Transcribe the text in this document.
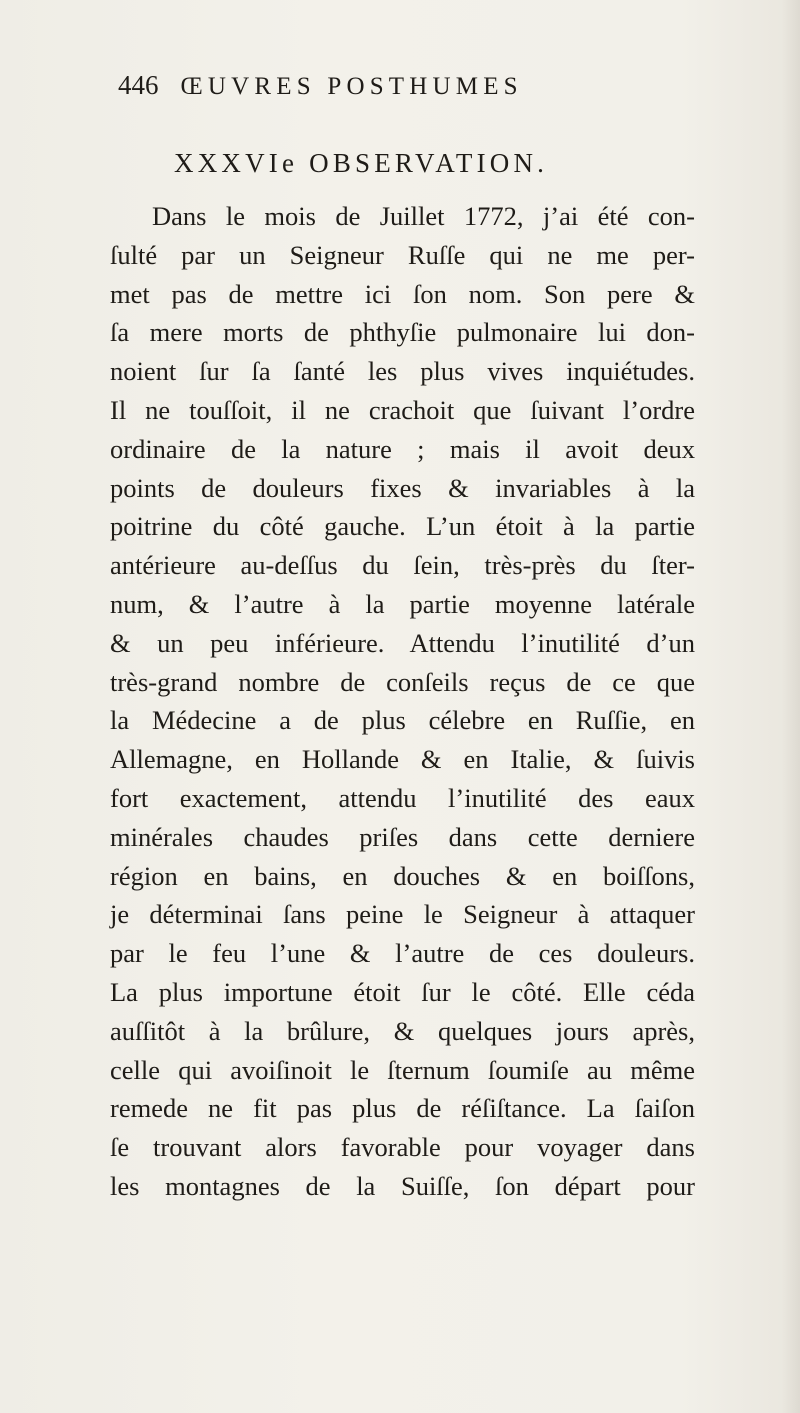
446 ŒUVRES POSTHUMES
XXXVIe OBSERVATION.
Dans le mois de Juillet 1772, j’ai été con-
ſulté par un Seigneur Ruſſe qui ne me per-
met pas de mettre ici ſon nom. Son pere &
ſa mere morts de phthyſie pulmonaire lui don-
noient ſur ſa ſanté les plus vives inquiétudes.
Il ne touſſoit, il ne crachoit que ſuivant l’ordre
ordinaire de la nature ; mais il avoit deux
points de douleurs fixes & invariables à la
poitrine du côté gauche. L’un étoit à la partie
antérieure au-deſſus du ſein, très-près du ſter-
num, & l’autre à la partie moyenne latérale
& un peu inférieure. Attendu l’inutilité d’un
très-grand nombre de conſeils reçus de ce que
la Médecine a de plus célebre en Ruſſie, en
Allemagne, en Hollande & en Italie, & ſuivis
fort exactement, attendu l’inutilité des eaux
minérales chaudes priſes dans cette derniere
région en bains, en douches & en boiſſons,
je déterminai ſans peine le Seigneur à attaquer
par le feu l’une & l’autre de ces douleurs.
La plus importune étoit ſur le côté. Elle céda
auſſitôt à la brûlure, & quelques jours après,
celle qui avoiſinoit le ſternum ſoumiſe au même
remede ne fit pas plus de réſiſtance. La ſaiſon
ſe trouvant alors favorable pour voyager dans
les montagnes de la Suiſſe, ſon départ pour
